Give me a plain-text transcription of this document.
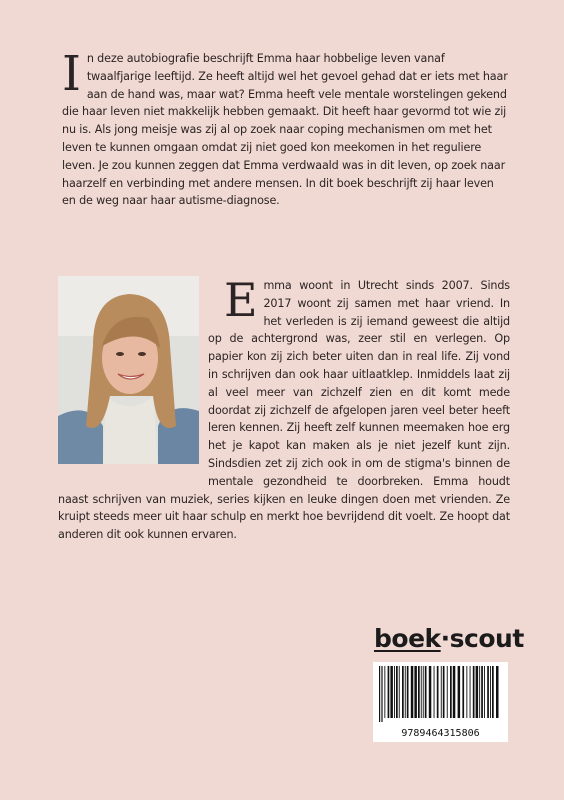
In deze autobiografie beschrijft Emma haar hobbelige leven vanaf twaalfjarige leeftijd. Ze heeft altijd wel het gevoel gehad dat er iets met haar aan de hand was, maar wat? Emma heeft vele mentale worstelingen gekend die haar leven niet makkelijk hebben gemaakt. Dit heeft haar gevormd tot wie zij nu is. Als jong meisje was zij al op zoek naar coping mechanismen om met het leven te kunnen omgaan omdat zij niet goed kon meekomen in het reguliere leven. Je zou kunnen zeggen dat Emma verdwaald was in dit leven, op zoek naar haarzelf en verbinding met andere mensen. In dit boek beschrijft zij haar leven en de weg naar haar autisme-diagnose.

Emma woont in Utrecht sinds 2007. Sinds 2017 woont zij samen met haar vriend. In het verleden is zij iemand geweest die altijd op de achtergrond was, zeer stil en verlegen. Op papier kon zij zich beter uiten dan in real life. Zij vond in schrijven dan ook haar uitlaatklep. Inmiddels laat zij al veel meer van zichzelf zien en dit komt mede doordat zij zichzelf de afgelopen jaren veel beter heeft leren kennen. Zij heeft zelf kunnen meemaken hoe erg het je kapot kan maken als je niet jezelf kunt zijn. Sindsdien zet zij zich ook in om de stigma's binnen de mentale gezondheid te doorbreken. Emma houdt naast schrijven van muziek, series kijken en leuke dingen doen met vrienden. Ze kruipt steeds meer uit haar schulp en merkt hoe bevrijdend dit voelt. Ze hoopt dat anderen dit ook kunnen ervaren.

boek·scout
9789464315806
